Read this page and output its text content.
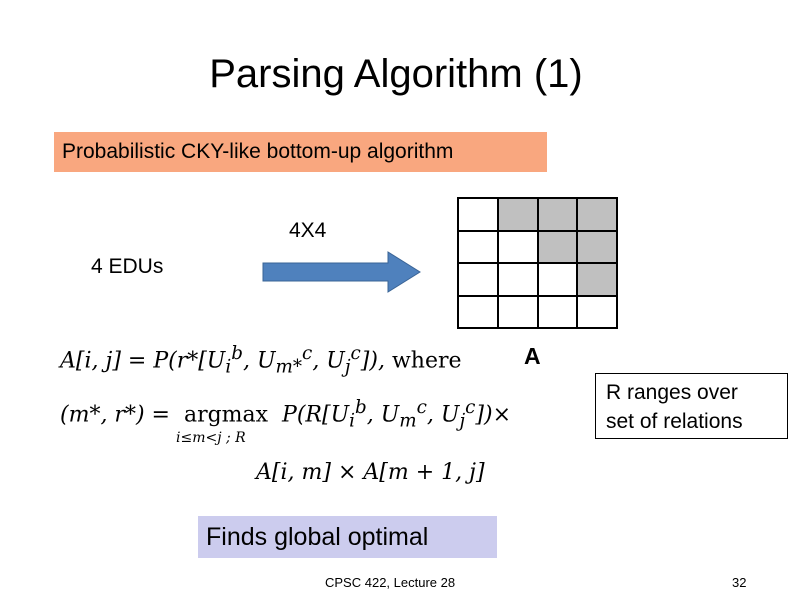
Parsing Algorithm (1)
Probabilistic CKY-like bottom-up algorithm
4X4
4 EDUs
A
R ranges over
set of relations
A[i, $j] = P(r*[U_i^b$, $U_{m*}^c$, $U_j^c$]), where
(m*, r*) =  argmax  $P(R[U_i^b$, $U_m^c$, $U_j^c])\times$
i≤m<j ; R
A[i, m] × A[m + 1, j]
Finds global optimal
CPSC 422, Lecture 28	32
